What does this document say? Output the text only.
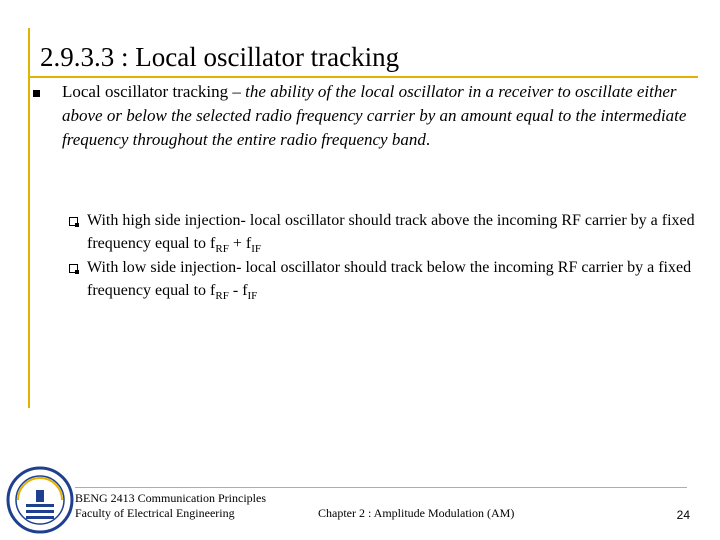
2.9.3.3 : Local oscillator tracking
Local oscillator tracking – the ability of the local oscillator in a receiver to oscillate either above or below the selected radio frequency carrier by an amount equal to the intermediate frequency throughout the entire radio frequency band.
With high side injection- local oscillator should track above the incoming RF carrier by a fixed frequency equal to $f_{RF} + f_{IF}$
With low side injection- local oscillator should track below the incoming RF carrier by a fixed frequency equal to $f_{RF} - f_{IF}$
BENG 2413 Communication Principles
Faculty of Electrical Engineering	Chapter 2 : Amplitude Modulation (AM)	24
